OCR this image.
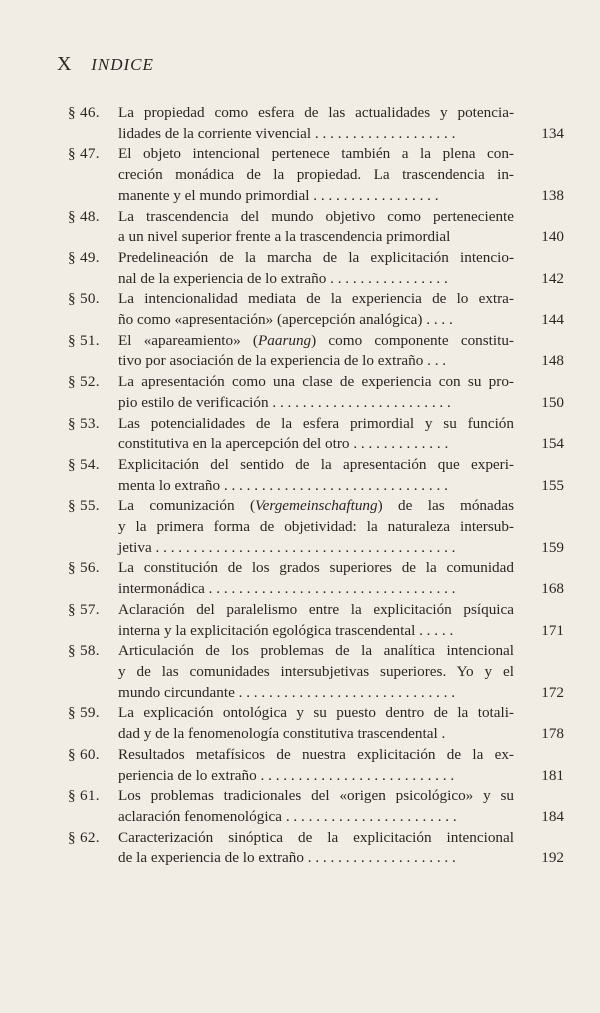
X INDICE
§ 46.	La propiedad como esfera de las actualidades y potencia-
lidades de la corriente vivencial . . . . . . . . . . . . . . . . . . .	134
§ 47.	El objeto intencional pertenece también a la plena con-
creción monádica de la propiedad. La trascendencia in-
manente y el mundo primordial . . . . . . . . . . . . . . . . .	138
§ 48.	La trascendencia del mundo objetivo como perteneciente
a un nivel superior frente a la trascendencia primordial	140
§ 49.	Predelineación de la marcha de la explicitación intencio-
nal de la experiencia de lo extraño . . . . . . . . . . . . . . . .	142
§ 50.	La intencionalidad mediata de la experiencia de lo extra-
ño como «apresentación» (apercepción analógica) . . . .	144
§ 51.	El «apareamiento» (Paarung) como componente constitu-
tivo por asociación de la experiencia de lo extraño . . .	148
§ 52.	La apresentación como una clase de experiencia con su pro-
pio estilo de verificación . . . . . . . . . . . . . . . . . . . . . . . .	150
§ 53.	Las potencialidades de la esfera primordial y su función
constitutiva en la apercepción del otro . . . . . . . . . . . . .	154
§ 54.	Explicitación del sentido de la apresentación que experi-
menta lo extraño . . . . . . . . . . . . . . . . . . . . . . . . . . . . . .	155
§ 55.	La comunización (Vergemeinschaftung) de las mónadas
y la primera forma de objetividad: la naturaleza intersub-
jetiva . . . . . . . . . . . . . . . . . . . . . . . . . . . . . . . . . . . . . . . .	159
§ 56.	La constitución de los grados superiores de la comunidad
intermonádica . . . . . . . . . . . . . . . . . . . . . . . . . . . . . . . . .	168
§ 57.	Aclaración del paralelismo entre la explicitación psíquica
interna y la explicitación egológica trascendental . . . . .	171
§ 58.	Articulación de los problemas de la analítica intencional
y de las comunidades intersubjetivas superiores. Yo y el
mundo circundante . . . . . . . . . . . . . . . . . . . . . . . . . . . . .	172
§ 59.	La explicación ontológica y su puesto dentro de la totali-
dad y de la fenomenología constitutiva trascendental .	178
§ 60.	Resultados metafísicos de nuestra explicitación de la ex-
periencia de lo extraño . . . . . . . . . . . . . . . . . . . . . . . . . .	181
§ 61.	Los problemas tradicionales del «origen psicológico» y su
aclaración fenomenológica . . . . . . . . . . . . . . . . . . . . . . .	184
§ 62.	Caracterización sinóptica de la explicitación intencional
de la experiencia de lo extraño . . . . . . . . . . . . . . . . . . . .	192
